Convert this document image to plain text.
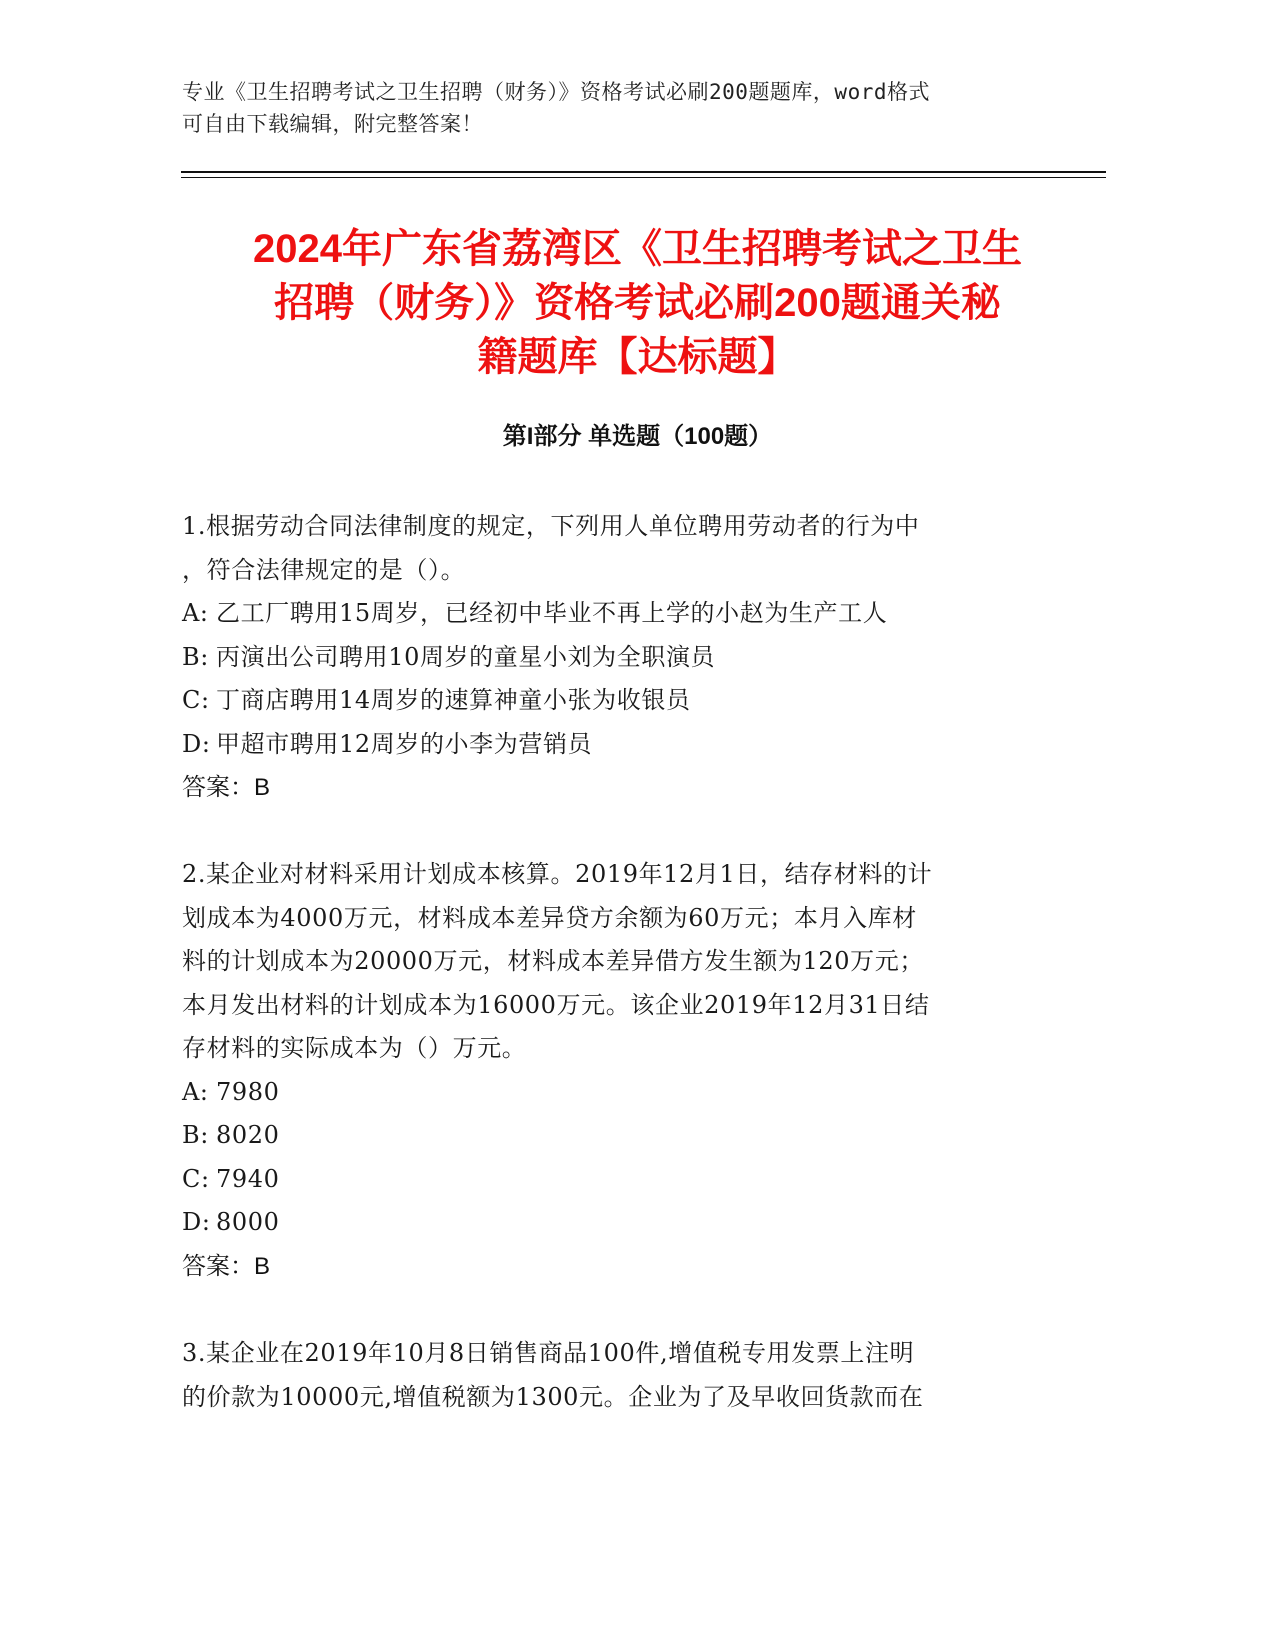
专业《卫生招聘考试之卫生招聘（财务）》资格考试必刷200题题库，word格式
可自由下载编辑，附完整答案！
2024年广东省荔湾区《卫生招聘考试之卫生
招聘（财务）》资格考试必刷200题通关秘
籍题库【达标题】
第I部分 单选题（100题）
1.根据劳动合同法律制度的规定，下列用人单位聘用劳动者的行为中
，符合法律规定的是（）。
A: 乙工厂聘用15周岁，已经初中毕业不再上学的小赵为生产工人
B: 丙演出公司聘用10周岁的童星小刘为全职演员
C: 丁商店聘用14周岁的速算神童小张为收银员
D: 甲超市聘用12周岁的小李为营销员
答案：B
2.某企业对材料采用计划成本核算。2019年12月1日，结存材料的计
划成本为4000万元，材料成本差异贷方余额为60万元；本月入库材
料的计划成本为20000万元，材料成本差异借方发生额为120万元；
本月发出材料的计划成本为16000万元。该企业2019年12月31日结
存材料的实际成本为（）万元。
A: 7980
B: 8020
C: 7940
D: 8000
答案：B
3.某企业在2019年10月8日销售商品100件,增值税专用发票上注明
的价款为10000元,增值税额为1300元。企业为了及早收回货款而在
